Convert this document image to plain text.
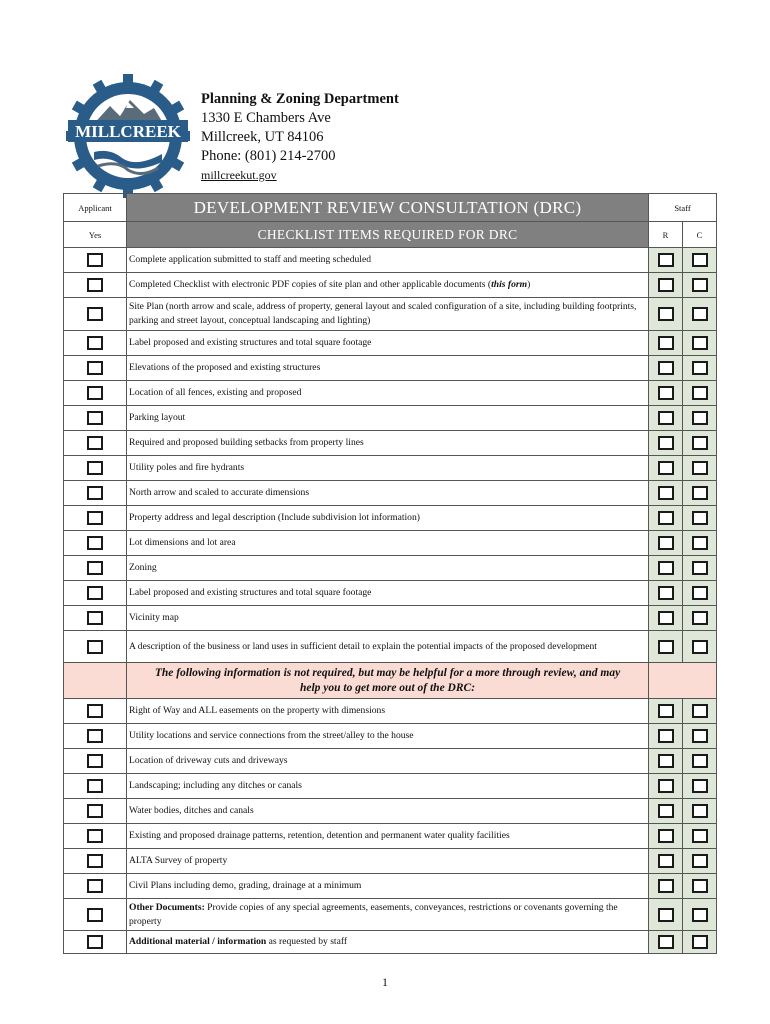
MILLCREEK
Planning & Zoning Department
1330 E Chambers Ave
Millcreek, UT 84106
Phone: (801) 214-2700
millcreekut.gov
Applicant	DEVELOPMENT REVIEW CONSULTATION (DRC)	Staff	
Yes	CHECKLIST ITEMS REQUIRED FOR DRC	R	C
	Complete application submitted to staff and meeting scheduled		
	Completed Checklist with electronic PDF copies of site plan and other applicable documents (this form)		
	Site Plan (north arrow and scale, address of property, general layout and scaled configuration of a site, including building footprints, parking and street layout, conceptual landscaping and lighting)		
	Label proposed and existing structures and total square footage		
	Elevations of the proposed and existing structures		
	Location of all fences, existing and proposed		
	Parking layout		
	Required and proposed building setbacks from property lines		
	Utility poles and fire hydrants		
	North arrow and scaled to accurate dimensions		
	Property address and legal description (Include subdivision lot information)		
	Lot dimensions and lot area		
	Zoning		
	Label proposed and existing structures and total square footage		
	Vicinity map		
	A description of the business or land uses in sufficient detail to explain the potential impacts of the proposed development		

	The following information is not required, but may be helpful for a more through review, and may
help you to get more out of the DRC:		

	Right of Way and ALL easements on the property with dimensions		
	Utility locations and service connections from the street/alley to the house		
	Location of driveway cuts and driveways		
	Landscaping; including any ditches or canals		
	Water bodies, ditches and canals		
	Existing and proposed drainage patterns, retention, detention and permanent water quality facilities		
	ALTA Survey of property		
	Civil Plans including demo, grading, drainage at a minimum		
	Other Documents: Provide copies of any special agreements, easements, conveyances, restrictions or covenants governing the property		
	Additional material / information as requested by staff		
1
